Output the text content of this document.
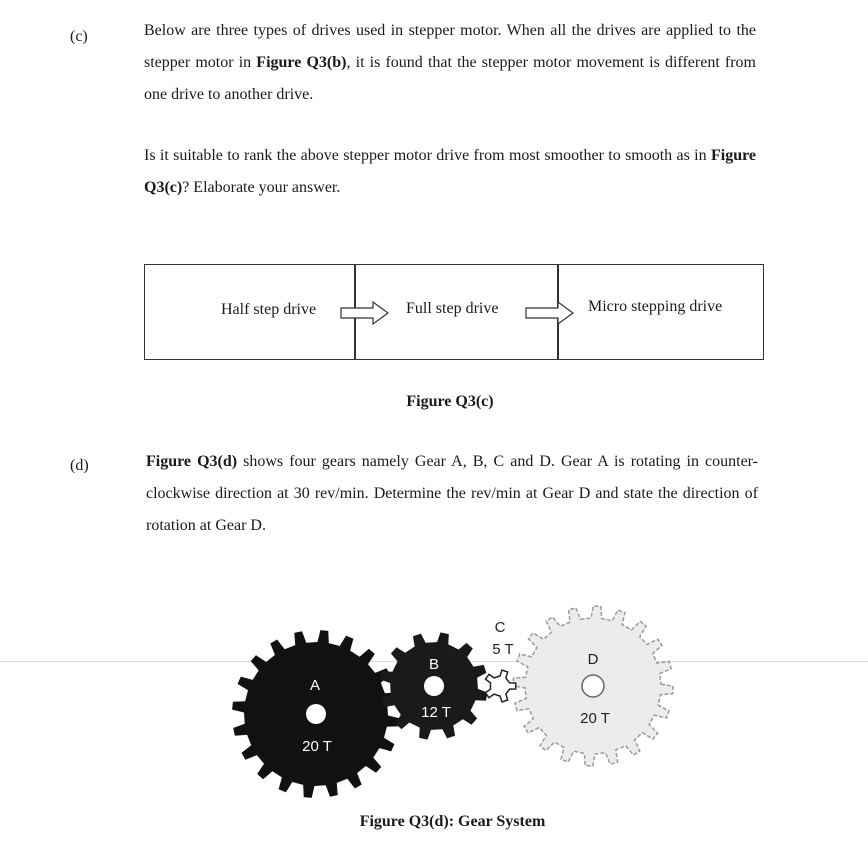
(c)	Below are three types of drives used in stepper motor. When all the drives are applied to the stepper motor in Figure Q3(b), it is found that the stepper motor movement is different from one drive to another drive.
Is it suitable to rank the above stepper motor drive from most smoother to smooth as in Figure Q3(c)? Elaborate your answer.
Half step drive	Full step drive	Micro stepping drive
Figure Q3(c)
(d)	Figure Q3(d) shows four gears namely Gear A, B, C and D. Gear A is rotating in counter-clockwise direction at 30 rev/min. Determine the rev/min at Gear D and state the direction of rotation at Gear D.
A
20 T
B
12 T
C
5 T
D
20 T
Figure Q3(d): Gear System
